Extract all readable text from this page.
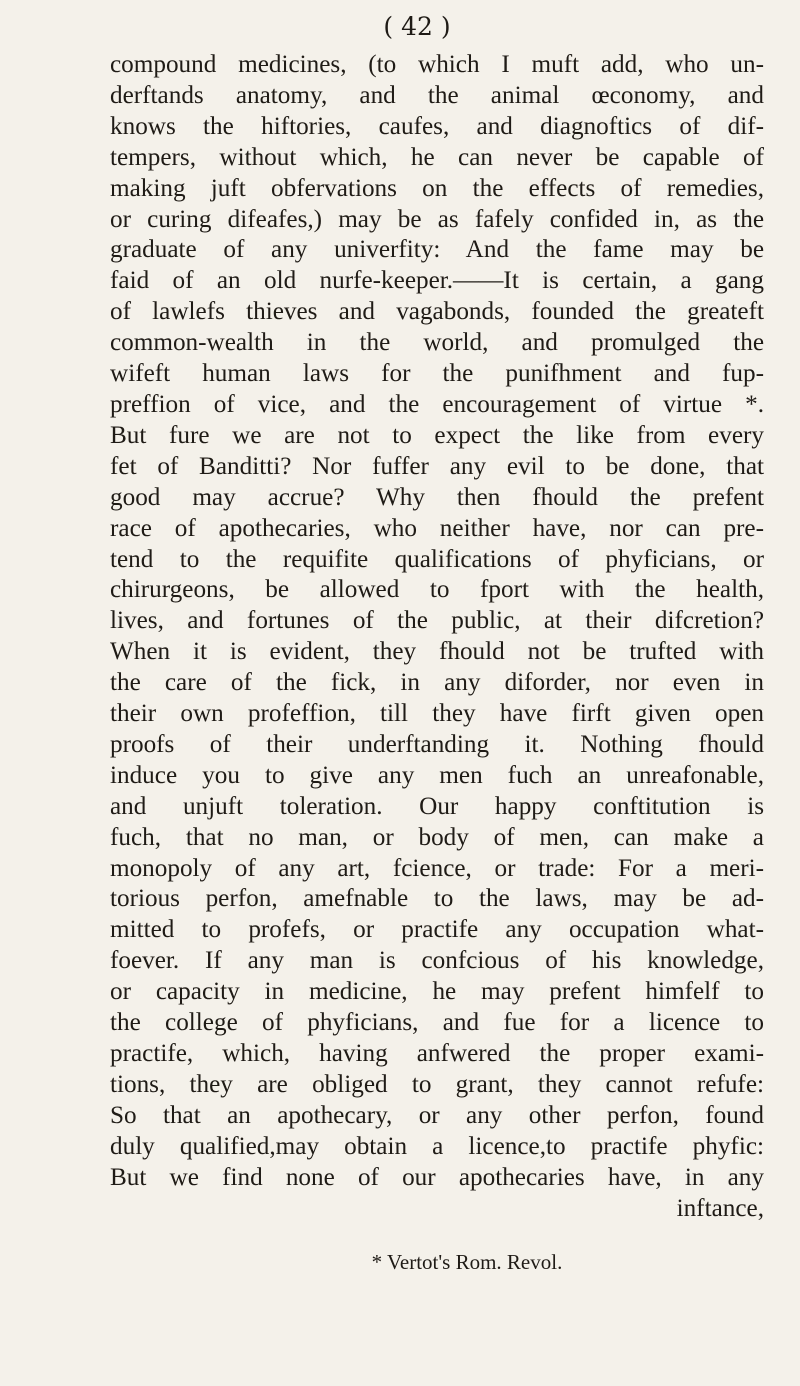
( 42 )
compound medicines, (to which I muft add, who un-
derftands anatomy, and the animal œconomy, and
knows the hiftories, caufes, and diagnoftics of dif-
tempers, without which, he can never be capable of
making juft obfervations on the effects of remedies,
or curing difeafes,) may be as fafely confided in, as the
graduate of any univerfity: And the fame may be
faid of an old nurfe-keeper.——It is certain, a gang
of lawlefs thieves and vagabonds, founded the greateft
common-wealth in the world, and promulged the
wifeft human laws for the punifhment and fup-
preffion of vice, and the encouragement of virtue *.
But fure we are not to expect the like from every
fet of Banditti? Nor fuffer any evil to be done, that
good may accrue? Why then fhould the prefent
race of apothecaries, who neither have, nor can pre-
tend to the requifite qualifications of phyficians, or
chirurgeons, be allowed to fport with the health,
lives, and fortunes of the public, at their difcretion?
When it is evident, they fhould not be trufted with
the care of the fick, in any diforder, nor even in
their own profeffion, till they have firft given open
proofs of their underftanding it. Nothing fhould
induce you to give any men fuch an unreafonable,
and unjuft toleration. Our happy conftitution is
fuch, that no man, or body of men, can make a
monopoly of any art, fcience, or trade: For a meri-
torious perfon, amefnable to the laws, may be ad-
mitted to profefs, or practife any occupation what-
foever. If any man is confcious of his knowledge,
or capacity in medicine, he may prefent himfelf to
the college of phyficians, and fue for a licence to
practife, which, having anfwered the proper exami-
tions, they are obliged to grant, they cannot refufe:
So that an apothecary, or any other perfon, found
duly qualified,may obtain a licence,to practife phyfic:
But we find none of our apothecaries have, in any
inftance,
* Vertot's Rom. Revol.
